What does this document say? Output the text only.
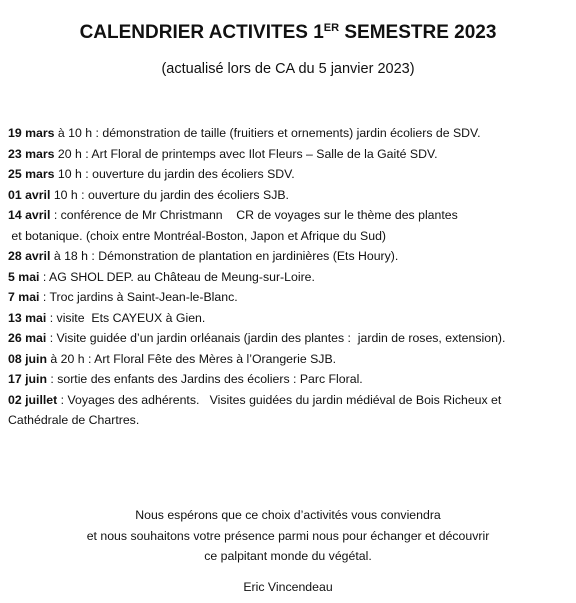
CALENDRIER ACTIVITES 1ER SEMESTRE 2023
(actualisé lors de CA du 5 janvier 2023)
19 mars à 10 h : démonstration de taille (fruitiers et ornements) jardin écoliers de SDV.
23 mars 20 h : Art Floral de printemps avec Ilot Fleurs – Salle de la Gaité SDV.
25 mars 10 h : ouverture du jardin des écoliers SDV.
01 avril 10 h : ouverture du jardin des écoliers SJB.
14 avril : conférence de Mr Christmann    CR de voyages sur le thème des plantes
et botanique. (choix entre Montréal-Boston, Japon et Afrique du Sud)
28 avril à 18 h : Démonstration de plantation en jardinières (Ets Houry).
5 mai : AG SHOL DEP. au Château de Meung-sur-Loire.
7 mai : Troc jardins à Saint-Jean-le-Blanc.
13 mai : visite  Ets CAYEUX à Gien.
26 mai : Visite guidée d’un jardin orléanais (jardin des plantes :  jardin de roses, extension).
08 juin à 20 h : Art Floral Fête des Mères à l’Orangerie SJB.
17 juin : sortie des enfants des Jardins des écoliers : Parc Floral.
02 juillet : Voyages des adhérents.   Visites guidées du jardin médiéval de Bois Richeux et
Cathédrale de Chartres.
Nous espérons que ce choix d’activités vous conviendra
et nous souhaitons votre présence parmi nous pour échanger et découvrir
ce palpitant monde du végétal.
Eric Vincendeau
